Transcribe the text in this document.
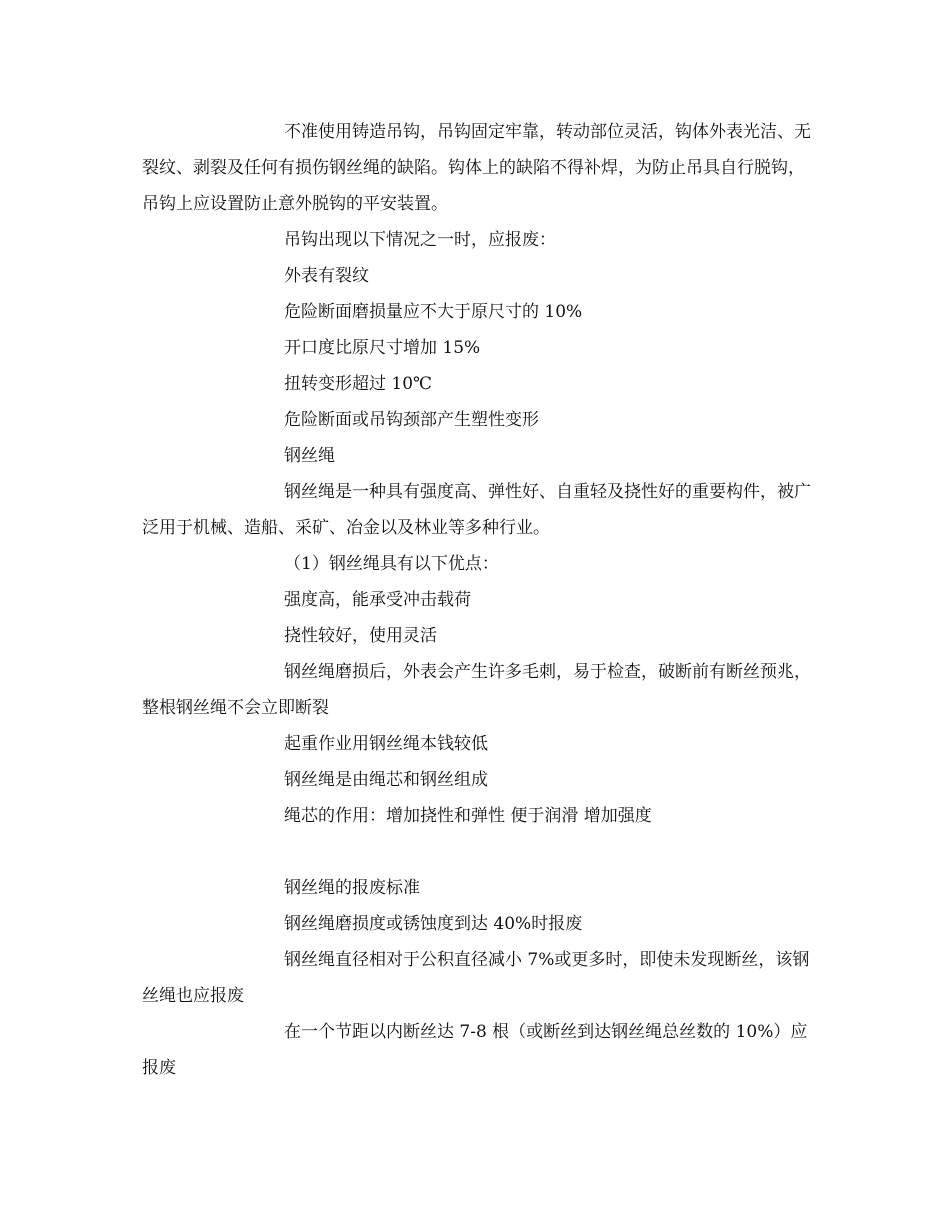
不准使用铸造吊钩，吊钩固定牢靠，转动部位灵活，钩体外表光洁、无裂纹、剥裂及任何有损伤钢丝绳的缺陷。钩体上的缺陷不得补焊，为防止吊具自行脱钩，吊钩上应设置防止意外脱钩的平安装置。

吊钩出现以下情况之一时，应报废：

外表有裂纹

危险断面磨损量应不大于原尺寸的 10%

开口度比原尺寸增加 15%

扭转变形超过 10℃

危险断面或吊钩颈部产生塑性变形

钢丝绳

钢丝绳是一种具有强度高、弹性好、自重轻及挠性好的重要构件，被广泛用于机械、造船、采矿、冶金以及林业等多种行业。

（1）钢丝绳具有以下优点：

强度高，能承受冲击载荷

挠性较好，使用灵活

钢丝绳磨损后，外表会产生许多毛刺，易于检查，破断前有断丝预兆，整根钢丝绳不会立即断裂

起重作业用钢丝绳本钱较低

钢丝绳是由绳芯和钢丝组成

绳芯的作用：增加挠性和弹性 便于润滑 增加强度

钢丝绳的报废标准

钢丝绳磨损度或锈蚀度到达 40%时报废

钢丝绳直径相对于公积直径减小 7%或更多时，即使未发现断丝，该钢丝绳也应报废

在一个节距以内断丝达 7-8 根（或断丝到达钢丝绳总丝数的 10%）应报废
